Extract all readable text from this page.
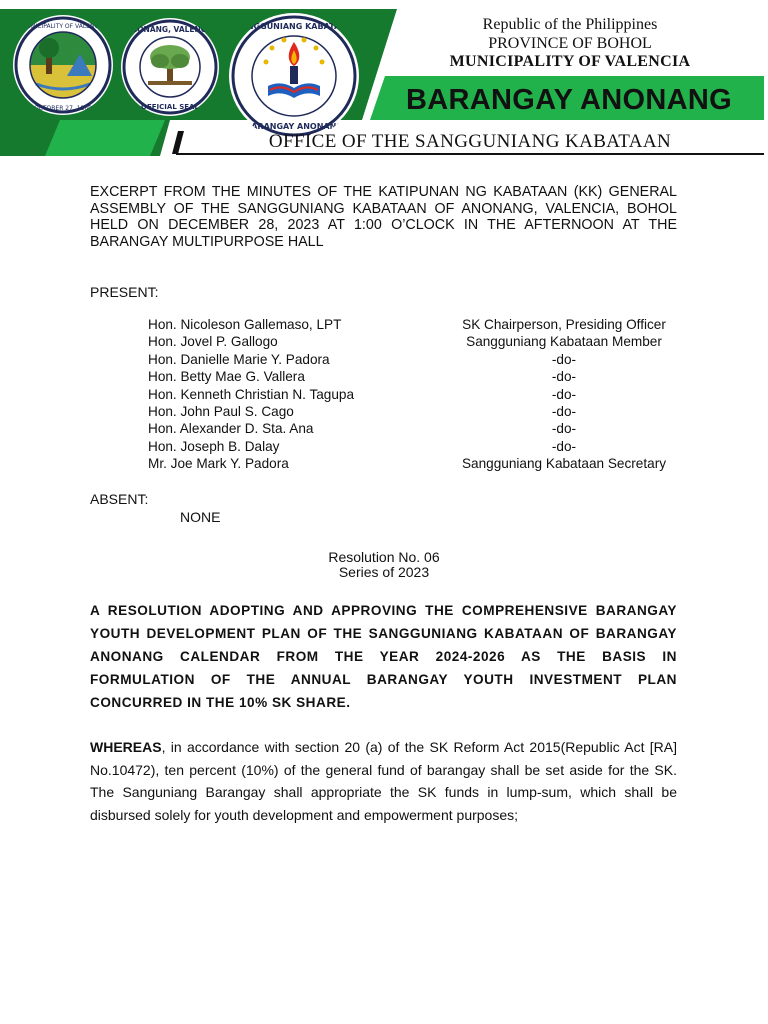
MUNICIPALITY OF VALENCIA
OCTOBER 27, 1869
ANONANG, VALENCIA
OFFICIAL SEAL
SANGGUNIANG KABATAAN
BARANGAY ANONANG
Republic of the Philippines
PROVINCE OF BOHOL
MUNICIPALITY OF VALENCIA
BARANGAY ANONANG
OFFICE OF THE SANGGUNIANG KABATAAN
EXCERPT FROM THE MINUTES OF THE KATIPUNAN NG KABATAAN (KK) GENERAL ASSEMBLY OF THE SANGGUNIANG KABATAAN OF ANONANG, VALENCIA, BOHOL HELD ON DECEMBER 28, 2023 AT 1:00 O’CLOCK IN THE AFTERNOON AT THE BARANGAY MULTIPURPOSE HALL
PRESENT:
Hon. Nicoleson Gallemaso, LPT	SK Chairperson, Presiding Officer
Hon. Jovel P. Gallogo	Sangguniang Kabataan Member
Hon. Danielle Marie Y. Padora	-do-
Hon. Betty Mae G. Vallera	-do-
Hon. Kenneth Christian N. Tagupa	-do-
Hon. John Paul S. Cago	-do-
Hon. Alexander D. Sta. Ana	-do-
Hon. Joseph B. Dalay	-do-
Mr. Joe Mark Y. Padora	Sangguniang Kabataan Secretary
ABSENT:
NONE
Resolution No. 06
Series of 2023
A RESOLUTION ADOPTING AND APPROVING THE COMPREHENSIVE BARANGAY YOUTH DEVELOPMENT PLAN OF THE SANGGUNIANG KABATAAN OF BARANGAY ANONANG CALENDAR FROM THE YEAR 2024-2026 AS THE BASIS IN FORMULATION OF THE ANNUAL BARANGAY YOUTH INVESTMENT PLAN CONCURRED IN THE 10% SK SHARE.
WHEREAS, in accordance with section 20 (a) of the SK Reform Act 2015(Republic Act [RA] No.10472), ten percent (10%) of the general fund of barangay shall be set aside for the SK. The Sanguniang Barangay shall appropriate the SK funds in lump-sum, which shall be disbursed solely for youth development and empowerment purposes;
